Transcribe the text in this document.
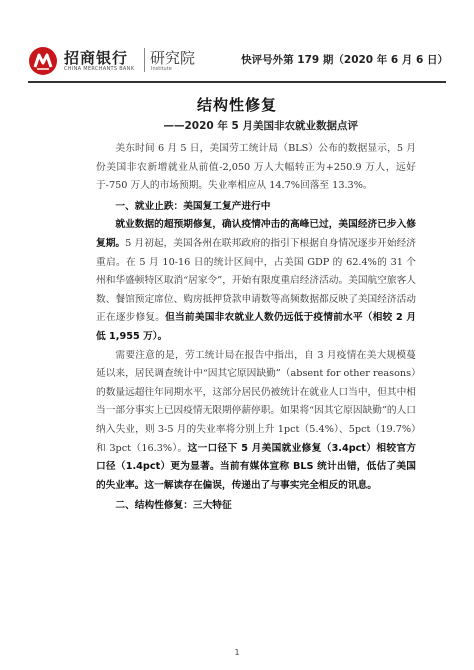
招商银行
CHINA MERCHANTS BANK
研究院
Institute
快评号外第 179 期（2020 年 6 月 6 日）
结构性修复
——2020 年 5 月美国非农就业数据点评

美东时间 6 月 5 日，美国劳工统计局（BLS）公布的数据显示，5 月份美国非农新增就业从前值-2,050 万人大幅转正为+250.9 万人，远好于-750 万人的市场预期。失业率相应从 14.7%回落至 13.3%。

一、就业止跌：美国复工复产进行中

就业数据的超预期修复，确认疫情冲击的高峰已过，美国经济已步入修复期。5 月初起，美国各州在联邦政府的指引下根据自身情况逐步开始经济重启。在 5 月 10-16 日的统计区间中，占美国 GDP 的 62.4%的 31 个州和华盛顿特区取消“居家令”，开始有限度重启经济活动。美国航空旅客人数、餐馆预定席位、购房抵押贷款申请数等高频数据都反映了美国经济活动正在逐步修复。但当前美国非农就业人数仍远低于疫情前水平（相较 2 月低 1,955 万）。

需要注意的是，劳工统计局在报告中指出，自 3 月疫情在美大规模蔓延以来，居民调查统计中“因其它原因缺勤”（absent for other reasons）的数量远超往年同期水平，这部分居民仍被统计在就业人口当中，但其中相当一部分事实上已因疫情无限期停薪停职。如果将“因其它原因缺勤”的人口纳入失业，则 3-5 月的失业率将分别上升 1pct（5.4%）、5pct（19.7%）和 3pct（16.3%）。这一口径下 5 月美国就业修复（3.4pct）相较官方口径（1.4pct）更为显著。当前有媒体宣称 BLS 统计出错，低估了美国的失业率。这一解读存在偏误，传递出了与事实完全相反的讯息。

二、结构性修复：三大特征
1
